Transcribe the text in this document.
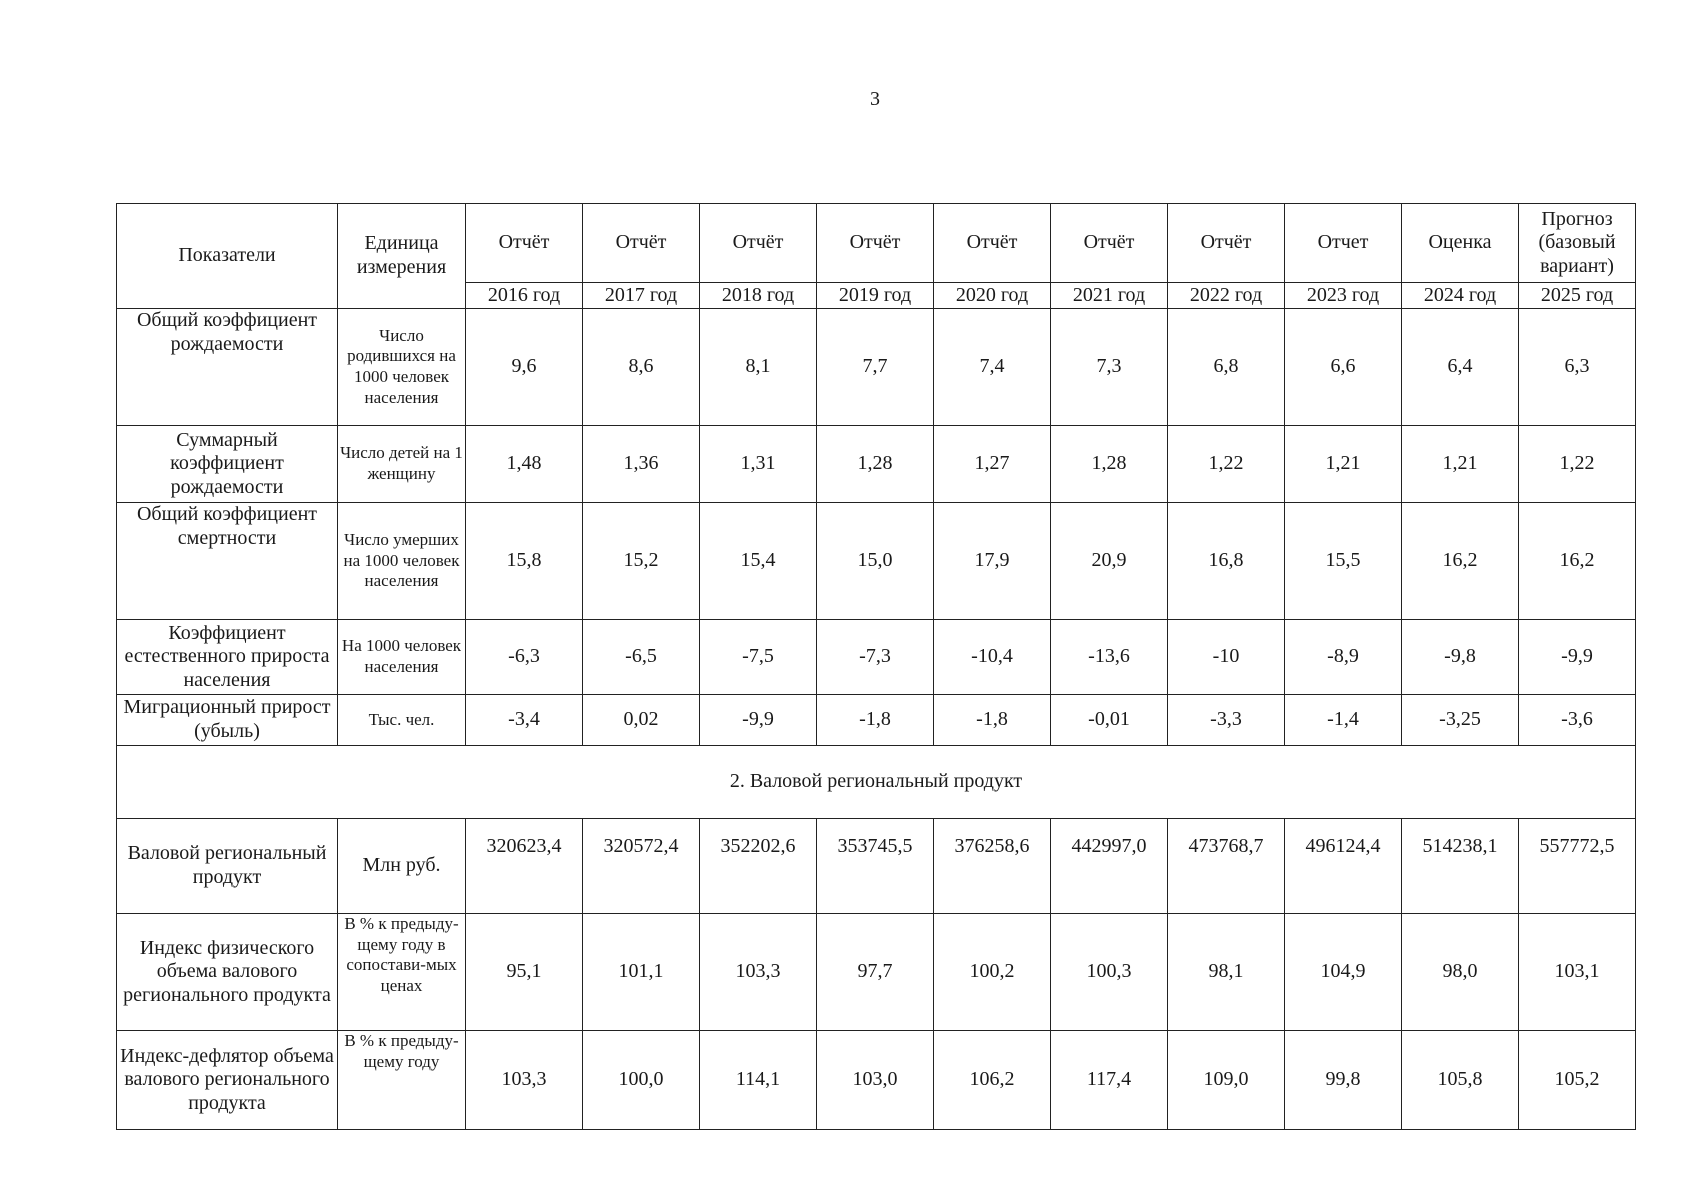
3
Показатели	Единица измерения	Отчёт	Отчёт	Отчёт	Отчёт	Отчёт	Отчёт	Отчёт	Отчет	Оценка	Прогноз (базовый вариант)
		2016 год	2017 год	2018 год	2019 год	2020 год	2021 год	2022 год	2023 год	2024 год	2025 год
Общий коэффициент рождаемости	Число родившихся на 1000 человек населения	9,6	8,6	8,1	7,7	7,4	7,3	6,8	6,6	6,4	6,3
Суммарный коэффициент рождаемости	Число детей на 1 женщину	1,48	1,36	1,31	1,28	1,27	1,28	1,22	1,21	1,21	1,22
Общий коэффициент смертности	Число умерших на 1000 человек населения	15,8	15,2	15,4	15,0	17,9	20,9	16,8	15,5	16,2	16,2
Коэффициент естественного прироста населения	На 1000 человек населения	-6,3	-6,5	-7,5	-7,3	-10,4	-13,6	-10	-8,9	-9,8	-9,9
Миграционный прирост (убыль)	Тыс. чел.	-3,4	0,02	-9,9	-1,8	-1,8	-0,01	-3,3	-1,4	-3,25	-3,6
2. Валовой региональный продукт											
Валовой региональный продукт	Млн руб.	320623,4	320572,4	352202,6	353745,5	376258,6	442997,0	473768,7	496124,4	514238,1	557772,5
Индекс физического объема валового регионального продукта	В % к предыду-щему году в сопостави-мых ценах	95,1	101,1	103,3	97,7	100,2	100,3	98,1	104,9	98,0	103,1
Индекс-дефлятор объема валового регионального продукта	В % к предыду-щему году	103,3	100,0	114,1	103,0	106,2	117,4	109,0	99,8	105,8	105,2
